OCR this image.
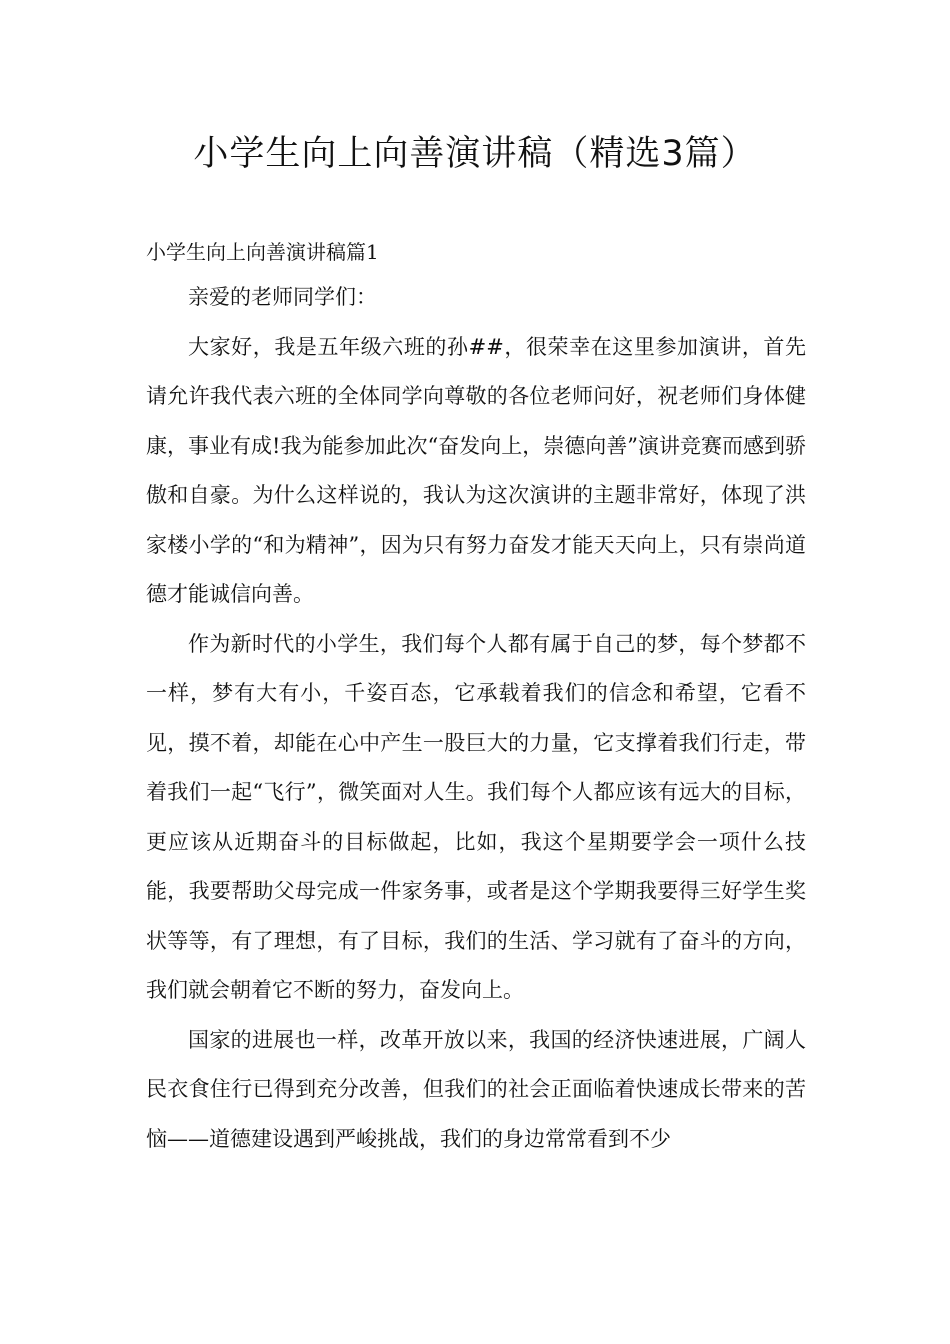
小学生向上向善演讲稿（精选3篇）

小学生向上向善演讲稿篇1

亲爱的老师同学们：

大家好，我是五年级六班的孙##，很荣幸在这里参加演讲，首先请允许我代表六班的全体同学向尊敬的各位老师问好，祝老师们身体健康，事业有成!我为能参加此次“奋发向上，崇德向善”演讲竞赛而感到骄傲和自豪。为什么这样说的，我认为这次演讲的主题非常好，体现了洪家楼小学的“和为精神”，因为只有努力奋发才能天天向上，只有崇尚道德才能诚信向善。

作为新时代的小学生，我们每个人都有属于自己的梦，每个梦都不一样，梦有大有小，千姿百态，它承载着我们的信念和希望，它看不见，摸不着，却能在心中产生一股巨大的力量，它支撑着我们行走，带着我们一起“飞行”，微笑面对人生。我们每个人都应该有远大的目标，更应该从近期奋斗的目标做起，比如，我这个星期要学会一项什么技能，我要帮助父母完成一件家务事，或者是这个学期我要得三好学生奖状等等，有了理想，有了目标，我们的生活、学习就有了奋斗的方向，我们就会朝着它不断的努力，奋发向上。

国家的进展也一样，改革开放以来，我国的经济快速进展，广阔人民衣食住行已得到充分改善，但我们的社会正面临着快速成长带来的苦恼——道德建设遇到严峻挑战，我们的身边常常看到不少
